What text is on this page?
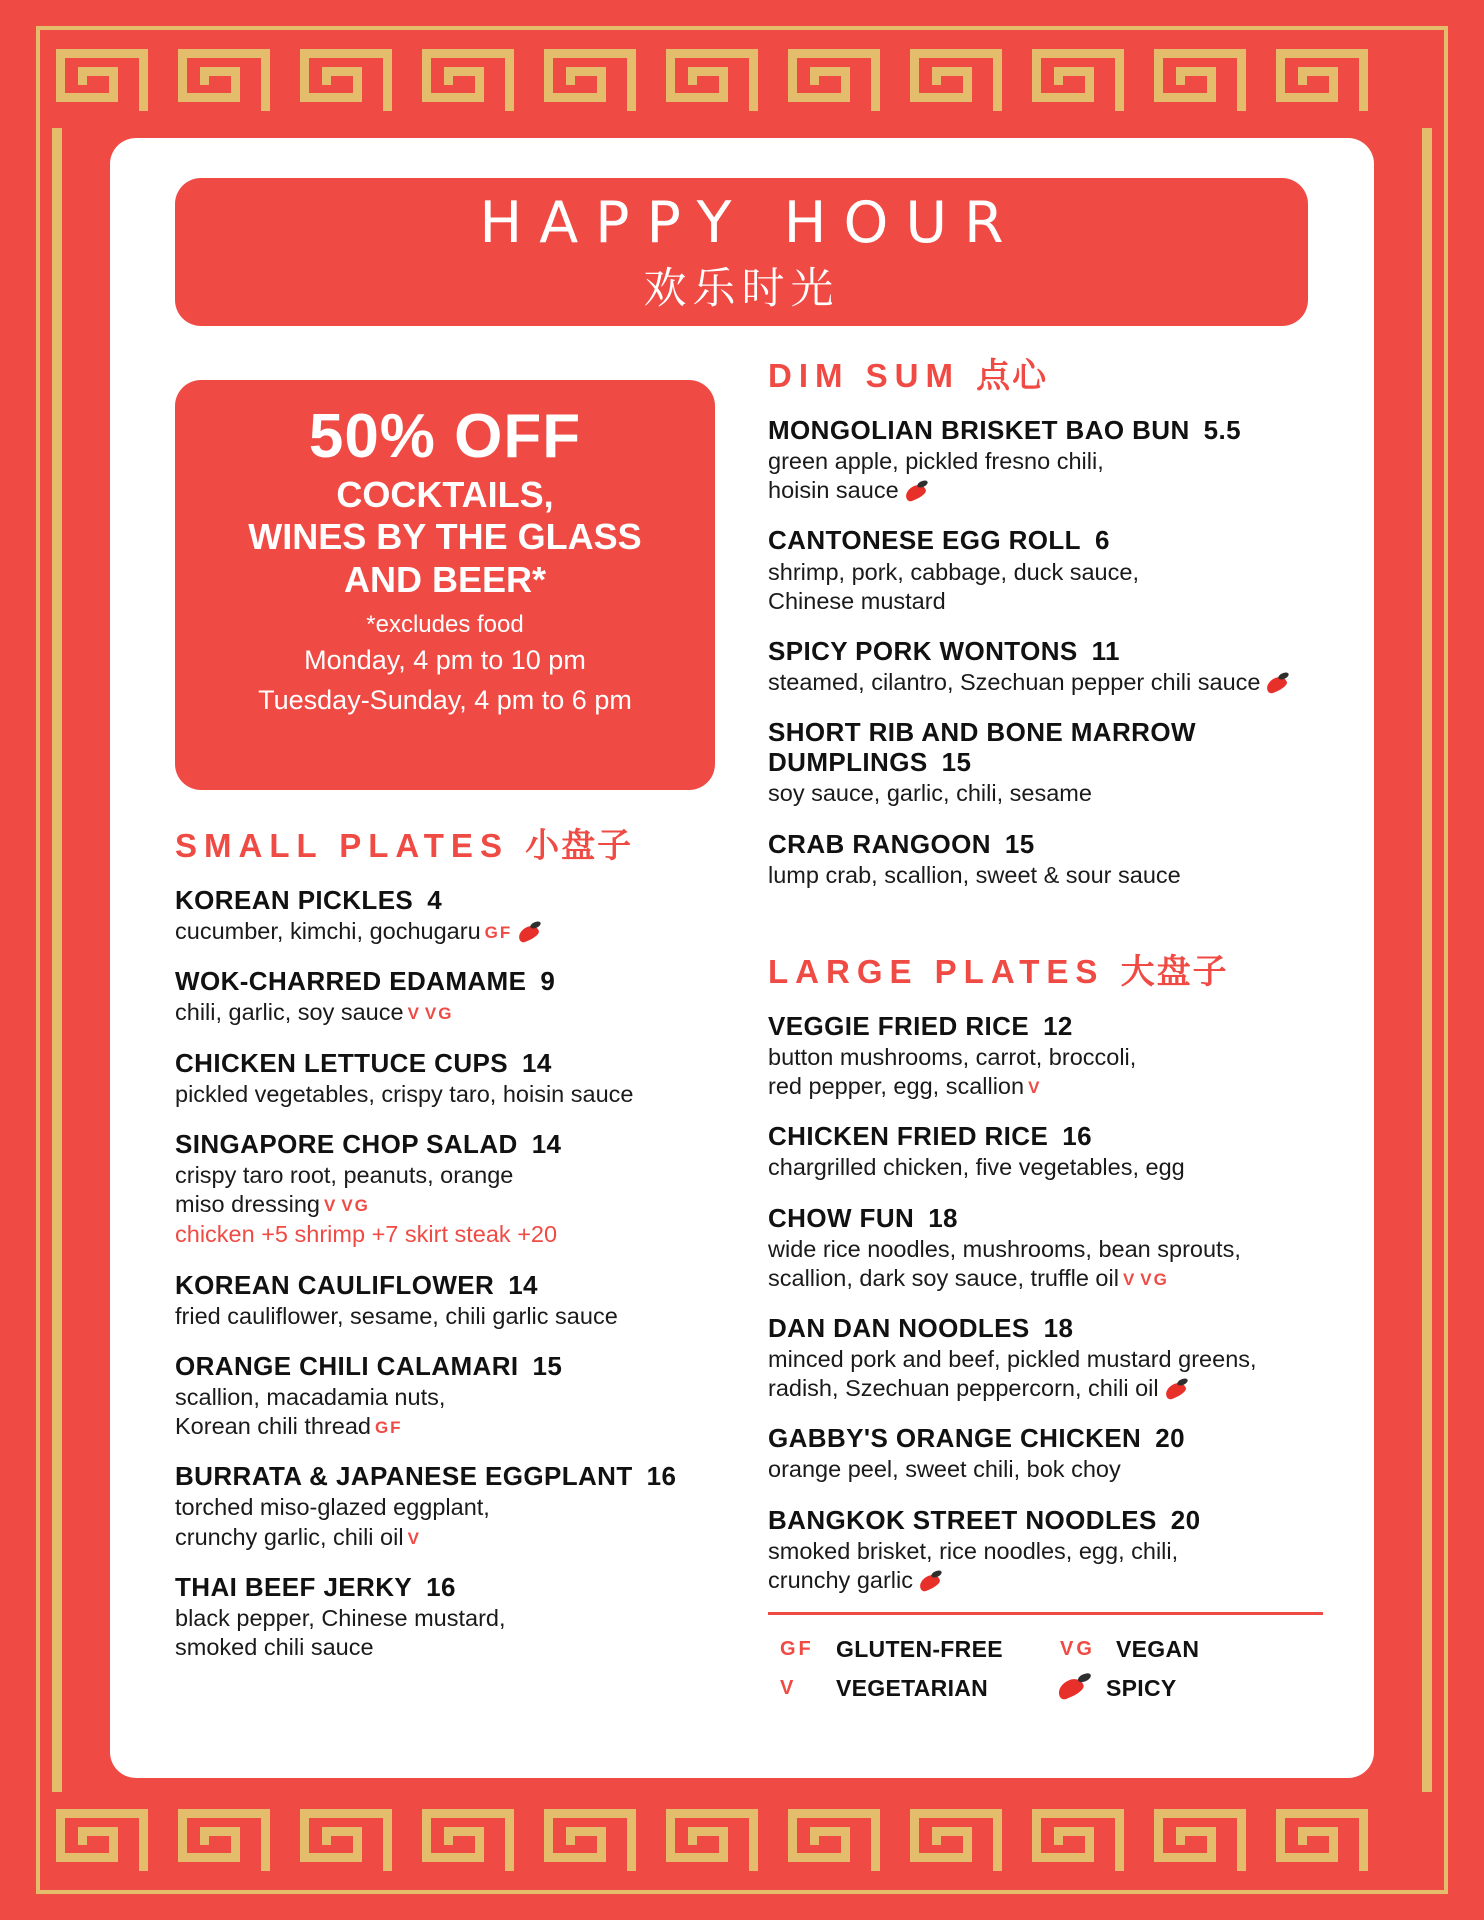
HAPPY HOUR
欢乐时光
50% OFF
COCKTAILS,
WINES BY THE GLASS
AND BEER*
*excludes food
Monday, 4 pm to 10 pm
Tuesday-Sunday, 4 pm to 6 pm
SMALL PLATES 小盘子
KOREAN PICKLES 4
cucumber, kimchi, gochugaru GF
WOK-CHARRED EDAMAME 9
chili, garlic, soy sauce V VG
CHICKEN LETTUCE CUPS 14
pickled vegetables, crispy taro, hoisin sauce
SINGAPORE CHOP SALAD 14
crispy taro root, peanuts, orange
miso dressing V VG
chicken +5 shrimp +7 skirt steak +20
KOREAN CAULIFLOWER 14
fried cauliflower, sesame, chili garlic sauce
ORANGE CHILI CALAMARI 15
scallion, macadamia nuts,
Korean chili thread GF
BURRATA & JAPANESE EGGPLANT 16
torched miso-glazed eggplant,
crunchy garlic, chili oil V
THAI BEEF JERKY 16
black pepper, Chinese mustard,
smoked chili sauce
DIM SUM 点心
MONGOLIAN BRISKET BAO BUN 5.5
green apple, pickled fresno chili,
hoisin sauce
CANTONESE EGG ROLL 6
shrimp, pork, cabbage, duck sauce,
Chinese mustard
SPICY PORK WONTONS 11
steamed, cilantro, Szechuan pepper chili sauce
SHORT RIB AND BONE MARROW
DUMPLINGS 15
soy sauce, garlic, chili, sesame
CRAB RANGOON 15
lump crab, scallion, sweet & sour sauce
LARGE PLATES 大盘子
VEGGIE FRIED RICE 12
button mushrooms, carrot, broccoli,
red pepper, egg, scallion V
CHICKEN FRIED RICE 16
chargrilled chicken, five vegetables, egg
CHOW FUN 18
wide rice noodles, mushrooms, bean sprouts,
scallion, dark soy sauce, truffle oil V VG
DAN DAN NOODLES 18
minced pork and beef, pickled mustard greens,
radish, Szechuan peppercorn, chili oil
GABBY'S ORANGE CHICKEN 20
orange peel, sweet chili, bok choy
BANGKOK STREET NOODLES 20
smoked brisket, rice noodles, egg, chili,
crunchy garlic
GF GLUTEN-FREE	VG VEGAN
V	VEGETARIAN	SPICY
